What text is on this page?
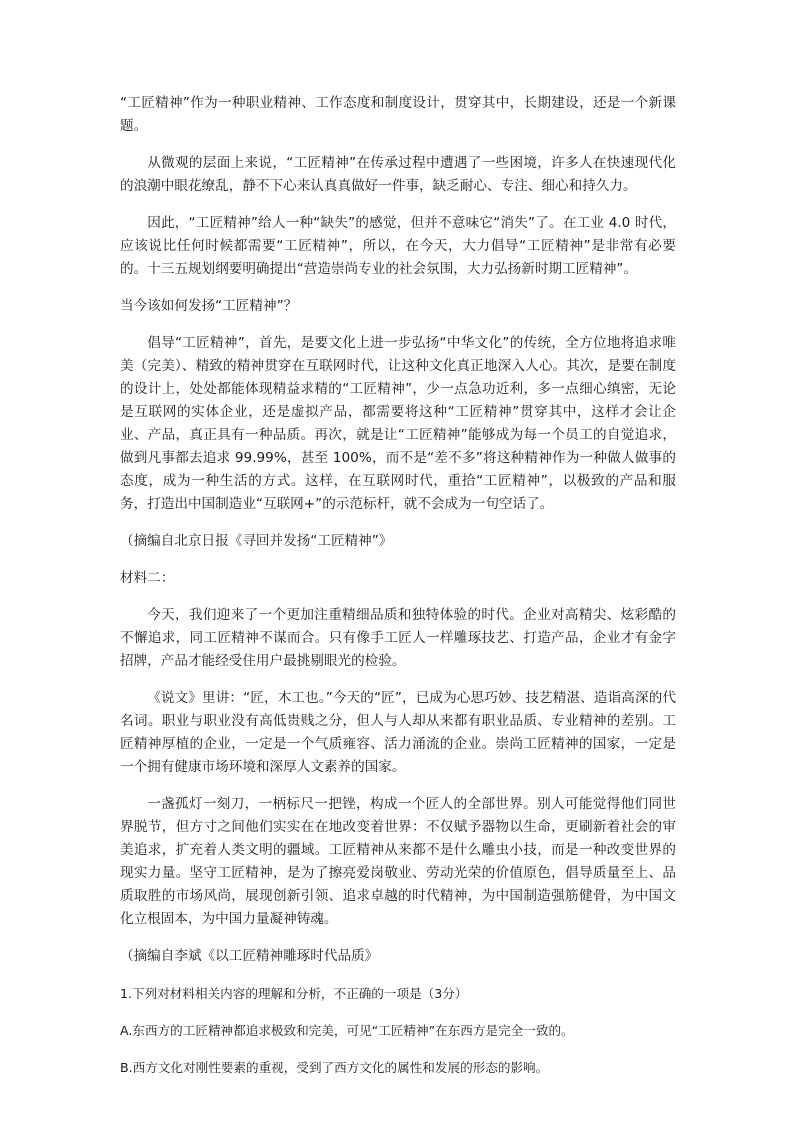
“工匠精神”作为一种职业精神、工作态度和制度设计，贯穿其中，长期建设，还是一个新课题。

从微观的层面上来说，“工匠精神”在传承过程中遭遇了一些困境，许多人在快速现代化的浪潮中眼花缭乱，静不下心来认真真做好一件事，缺乏耐心、专注、细心和持久力。

因此，“工匠精神”给人一种“缺失”的感觉，但并不意味它“消失”了。在工业 4.0 时代，应该说比任何时候都需要“工匠精神”，所以，在今天，大力倡导“工匠精神”是非常有必要的。十三五规划纲要明确提出“营造崇尚专业的社会氛围，大力弘扬新时期工匠精神”。

当今该如何发扬“工匠精神”？

倡导“工匠精神”，首先，是要文化上进一步弘扬“中华文化”的传统，全方位地将追求唯美（完美）、精致的精神贯穿在互联网时代，让这种文化真正地深入人心。其次，是要在制度的设计上，处处都能体现精益求精的“工匠精神”，少一点急功近利，多一点细心缜密，无论是互联网的实体企业，还是虚拟产品，都需要将这种“工匠精神”贯穿其中，这样才会让企业、产品，真正具有一种品质。再次，就是让“工匠精神”能够成为每一个员工的自觉追求，做到凡事都去追求 99.99%，甚至 100%，而不是“差不多”将这种精神作为一种做人做事的态度，成为一种生活的方式。这样，在互联网时代，重拾“工匠精神”，以极致的产品和服务，打造出中国制造业“互联网+”的示范标杆，就不会成为一句空话了。

（摘编自北京日报《寻回并发扬“工匠精神”》

材料二：

今天，我们迎来了一个更加注重精细品质和独特体验的时代。企业对高精尖、炫彩酷的不懈追求，同工匠精神不谋而合。只有像手工匠人一样雕琢技艺、打造产品，企业才有金字招牌，产品才能经受住用户最挑剔眼光的检验。

《说文》里讲：“匠，木工也。”今天的“匠”，已成为心思巧妙、技艺精湛、造诣高深的代名词。职业与职业没有高低贵贱之分，但人与人却从来都有职业品质、专业精神的差别。工匠精神厚植的企业，一定是一个气质雍容、活力涌流的企业。崇尚工匠精神的国家，一定是一个拥有健康市场环境和深厚人文素养的国家。

一盏孤灯一刻刀，一柄标尺一把锉，构成一个匠人的全部世界。别人可能觉得他们同世界脱节，但方寸之间他们实实在在地改变着世界：不仅赋予器物以生命，更刷新着社会的审美追求，扩充着人类文明的疆域。工匠精神从来都不是什么雕虫小技，而是一种改变世界的现实力量。坚守工匠精神，是为了擦亮爱岗敬业、劳动光荣的价值原色，倡导质量至上、品质取胜的市场风尚，展现创新引领、追求卓越的时代精神，为中国制造强筋健骨，为中国文化立根固本，为中国力量凝神铸魂。

（摘编自李斌《以工匠精神雕琢时代品质》

1.下列对材料相关内容的理解和分析，不正确的一项是（3分）

A.东西方的工匠精神都追求极致和完美，可见“工匠精神”在东西方是完全一致的。

B.西方文化对刚性要素的重视，受到了西方文化的属性和发展的形态的影响。
